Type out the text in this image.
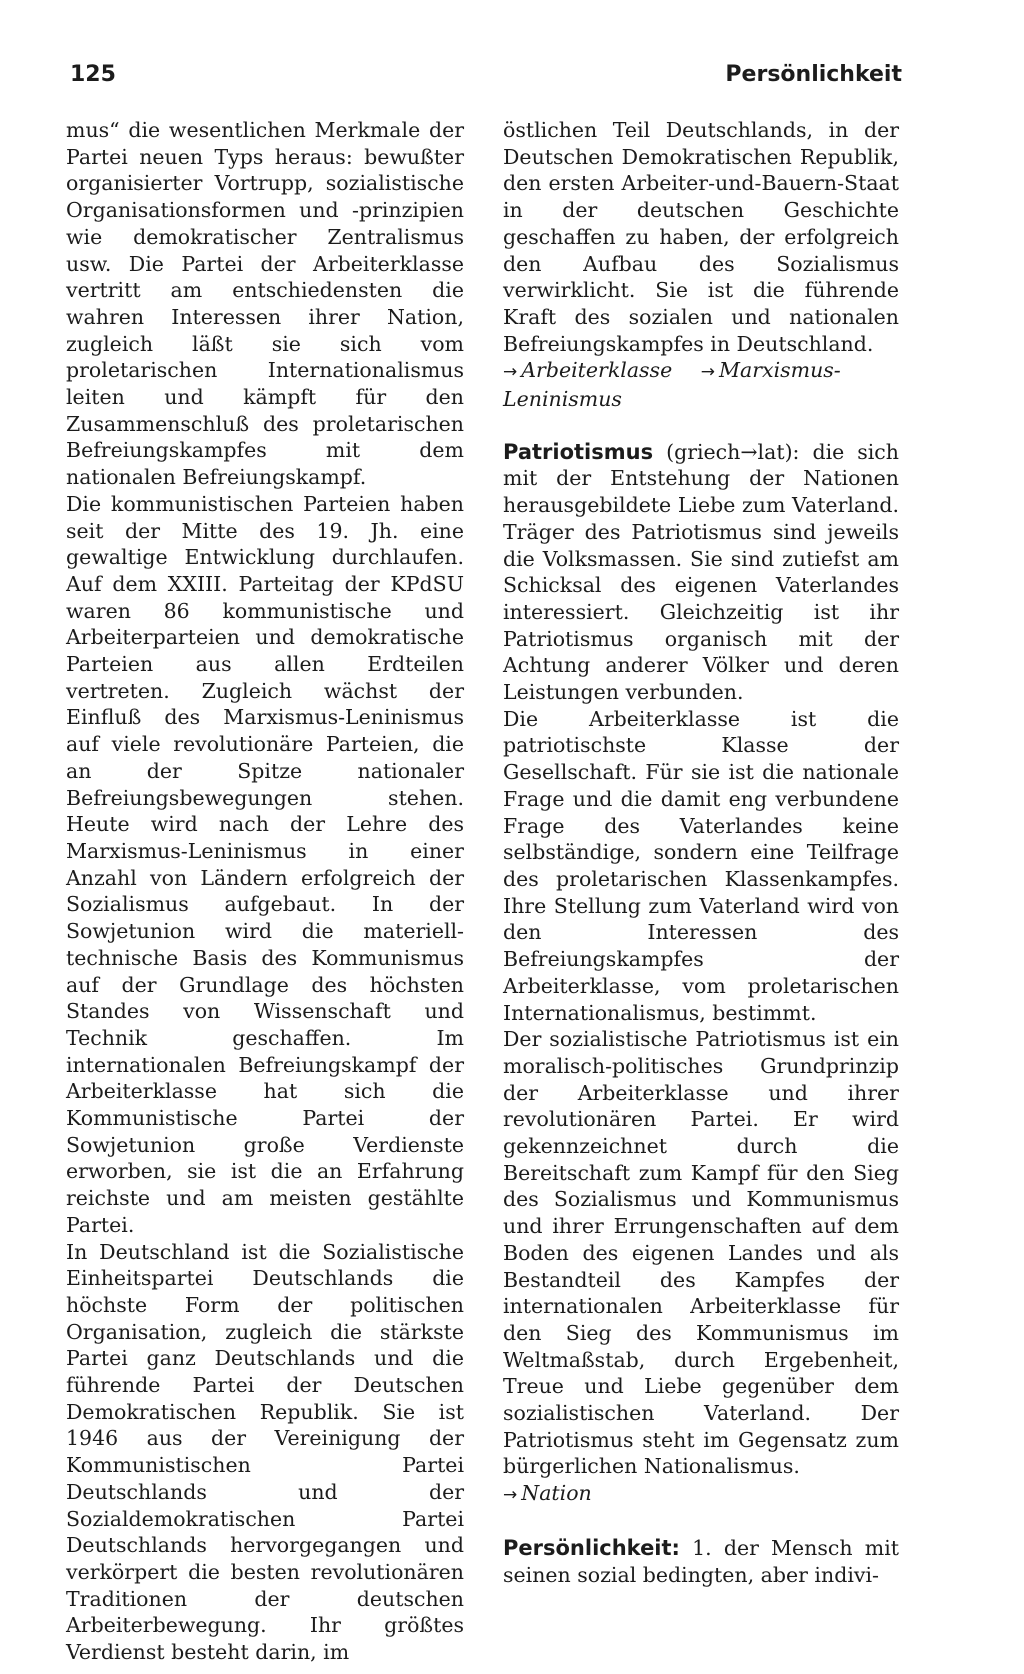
125	Persönlichkeit

mus“ die wesentlichen Merkmale der Partei neuen Typs heraus: bewußter organisierter Vortrupp, sozialistische Organisationsformen und -prinzipien wie demokratischer Zentralismus usw. Die Partei der Arbeiterklasse vertritt am entschiedensten die wahren Interessen ihrer Nation, zugleich läßt sie sich vom proletarischen Internationalismus leiten und kämpft für den Zusammenschluß des proletarischen Befreiungskampfes mit dem nationalen Befreiungskampf.

Die kommunistischen Parteien haben seit der Mitte des 19. Jh. eine gewaltige Entwicklung durchlaufen. Auf dem XXIII. Parteitag der KPdSU waren 86 kommunistische und Arbeiterparteien und demokratische Parteien aus allen Erdteilen vertreten. Zugleich wächst der Einfluß des Marxismus-Leninismus auf viele revolutionäre Parteien, die an der Spitze nationaler Befreiungsbewegungen stehen. Heute wird nach der Lehre des Marxismus-Leninismus in einer Anzahl von Ländern erfolgreich der Sozialismus aufgebaut. In der Sowjetunion wird die materiell-technische Basis des Kommunismus auf der Grundlage des höchsten Standes von Wissenschaft und Technik geschaffen. Im internationalen Befreiungskampf der Arbeiterklasse hat sich die Kommunistische Partei der Sowjetunion große Verdienste erworben, sie ist die an Erfahrung reichste und am meisten gestählte Partei.

In Deutschland ist die Sozialistische Einheitspartei Deutschlands die höchste Form der politischen Organisation, zugleich die stärkste Partei ganz Deutschlands und die führende Partei der Deutschen Demokratischen Republik. Sie ist 1946 aus der Vereinigung der Kommunistischen Partei Deutschlands und der Sozialdemokratischen Partei Deutschlands hervorgegangen und verkörpert die besten revolutionären Traditionen der deutschen Arbeiterbewegung. Ihr größtes Verdienst besteht darin, im

östlichen Teil Deutschlands, in der Deutschen Demokratischen Republik, den ersten Arbeiter-und-Bauern-Staat in der deutschen Geschichte geschaffen zu haben, der erfolgreich den Aufbau des Sozialismus verwirklicht. Sie ist die führende Kraft des sozialen und nationalen Befreiungskampfes in Deutschland.

→ Arbeiterklasse → Marxismus-Leninismus

Patriotismus (griech→lat): die sich mit der Entstehung der Nationen herausgebildete Liebe zum Vaterland. Träger des Patriotismus sind jeweils die Volksmassen. Sie sind zutiefst am Schicksal des eigenen Vaterlandes interessiert. Gleichzeitig ist ihr Patriotismus organisch mit der Achtung anderer Völker und deren Leistungen verbunden.

Die Arbeiterklasse ist die patriotischste Klasse der Gesellschaft. Für sie ist die nationale Frage und die damit eng verbundene Frage des Vaterlandes keine selbständige, sondern eine Teilfrage des proletarischen Klassenkampfes. Ihre Stellung zum Vaterland wird von den Interessen des Befreiungskampfes der Arbeiterklasse, vom proletarischen Internationalismus, bestimmt.

Der sozialistische Patriotismus ist ein moralisch-politisches Grundprinzip der Arbeiterklasse und ihrer revolutionären Partei. Er wird gekennzeichnet durch die Bereitschaft zum Kampf für den Sieg des Sozialismus und Kommunismus und ihrer Errungenschaften auf dem Boden des eigenen Landes und als Bestandteil des Kampfes der internationalen Arbeiterklasse für den Sieg des Kommunismus im Weltmaßstab, durch Ergebenheit, Treue und Liebe gegenüber dem sozialistischen Vaterland. Der Patriotismus steht im Gegensatz zum bürgerlichen Nationalismus.

→ Nation

Persönlichkeit: 1. der Mensch mit seinen sozial bedingten, aber indivi-
